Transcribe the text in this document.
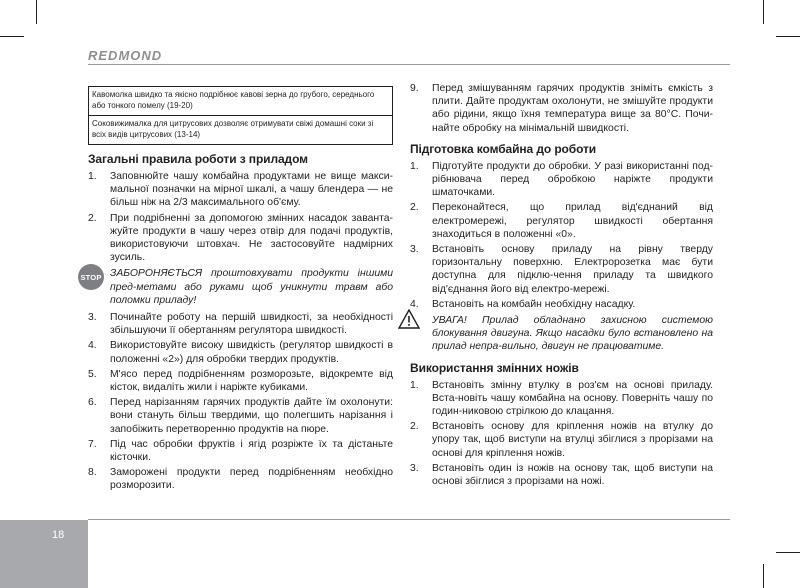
REDMOND
Кавомолка швидко та якісно подрібнює кавові зерна до грубого, середнього або тонкого помелу (19-20)
Соковижималка для цитрусових дозволяє отримувати свіжі домашні соки зі всіх видів цитрусових (13-14)
Загальні правила роботи з приладом
1.	Заповнюйте чашу комбайна продуктами не вище макси-мальної позначки на мірної шкалі, а чашу блендера — не більш ніж на 2/3 максимального об'єму.
2.	При подрібненні за допомогою змінних насадок заванта-жуйте продукти в чашу через отвір для подачі продуктів, використовуючи штовхач. Не застосовуйте надмірних зусиль.
ЗАБОРОНЯЄТЬСЯ проштовхувати продукти іншими пред-метами або руками щоб уникнути травм або поломки приладу!
3.	Починайте роботу на першій швидкості, за необхідності збільшуючи її обертанням регулятора швидкості.
4.	Використовуйте високу швидкість (регулятор швидкості в положенні «2») для обробки твердих продуктів.
5.	М'ясо перед подрібненням розморозьте, відокремте від кісток, видаліть жили і наріжте кубиками.
6.	Перед нарізанням гарячих продуктів дайте їм охолонути: вони стануть більш твердими, що полегшить нарізання і запобіжить перетворенню продуктів на пюре.
7.	Під час обробки фруктів і ягід розріжте їх та дістаньте кісточки.
8.	Заморожені продукти перед подрібненням необхідно розморозити.
STOP
9.	Перед змішуванням гарячих продуктів зніміть ємкість з плити. Дайте продуктам охолонути, не змішуйте продукти або рідини, якщо їхня температура вище за 80°С. Почи-найте обробку на мінімальній швидкості.
Підготовка комбайна до роботи
1.	Підготуйте продукти до обробки. У разі використанні под-рібнювача перед обробкою наріжте продукти шматочками.
2.	Переконайтеся, що прилад від'єднаний від електромережі, регулятор швидкості обертання знаходиться в положенні «0».
3.	Встановіть основу приладу на рівну тверду горизонтальну поверхню. Електророзетка має бути доступна для підклю-чення приладу та швидкого від'єднання його від електро-мережі.
4.	Встановіть на комбайн необхідну насадку.
УВАГА! Прилад обладнано захисною системою блокування двигуна. Якщо насадки було встановлено на прилад непра-вильно, двигун не працюватиме.
Використання змінних ножів
1.	Встановіть змінну втулку в роз'єм на основі приладу. Вста-новіть чашу комбайна на основу. Поверніть чашу по годин-никовою стрілкою до клацання.
2.	Встановіть основу для кріплення ножів на втулку до упору так, щоб виступи на втулці збіглися з прорізами на основі для кріплення ножів.
3.	Встановіть один із ножів на основу так, щоб виступи на основі збіглися з прорізами на ножі.
18
